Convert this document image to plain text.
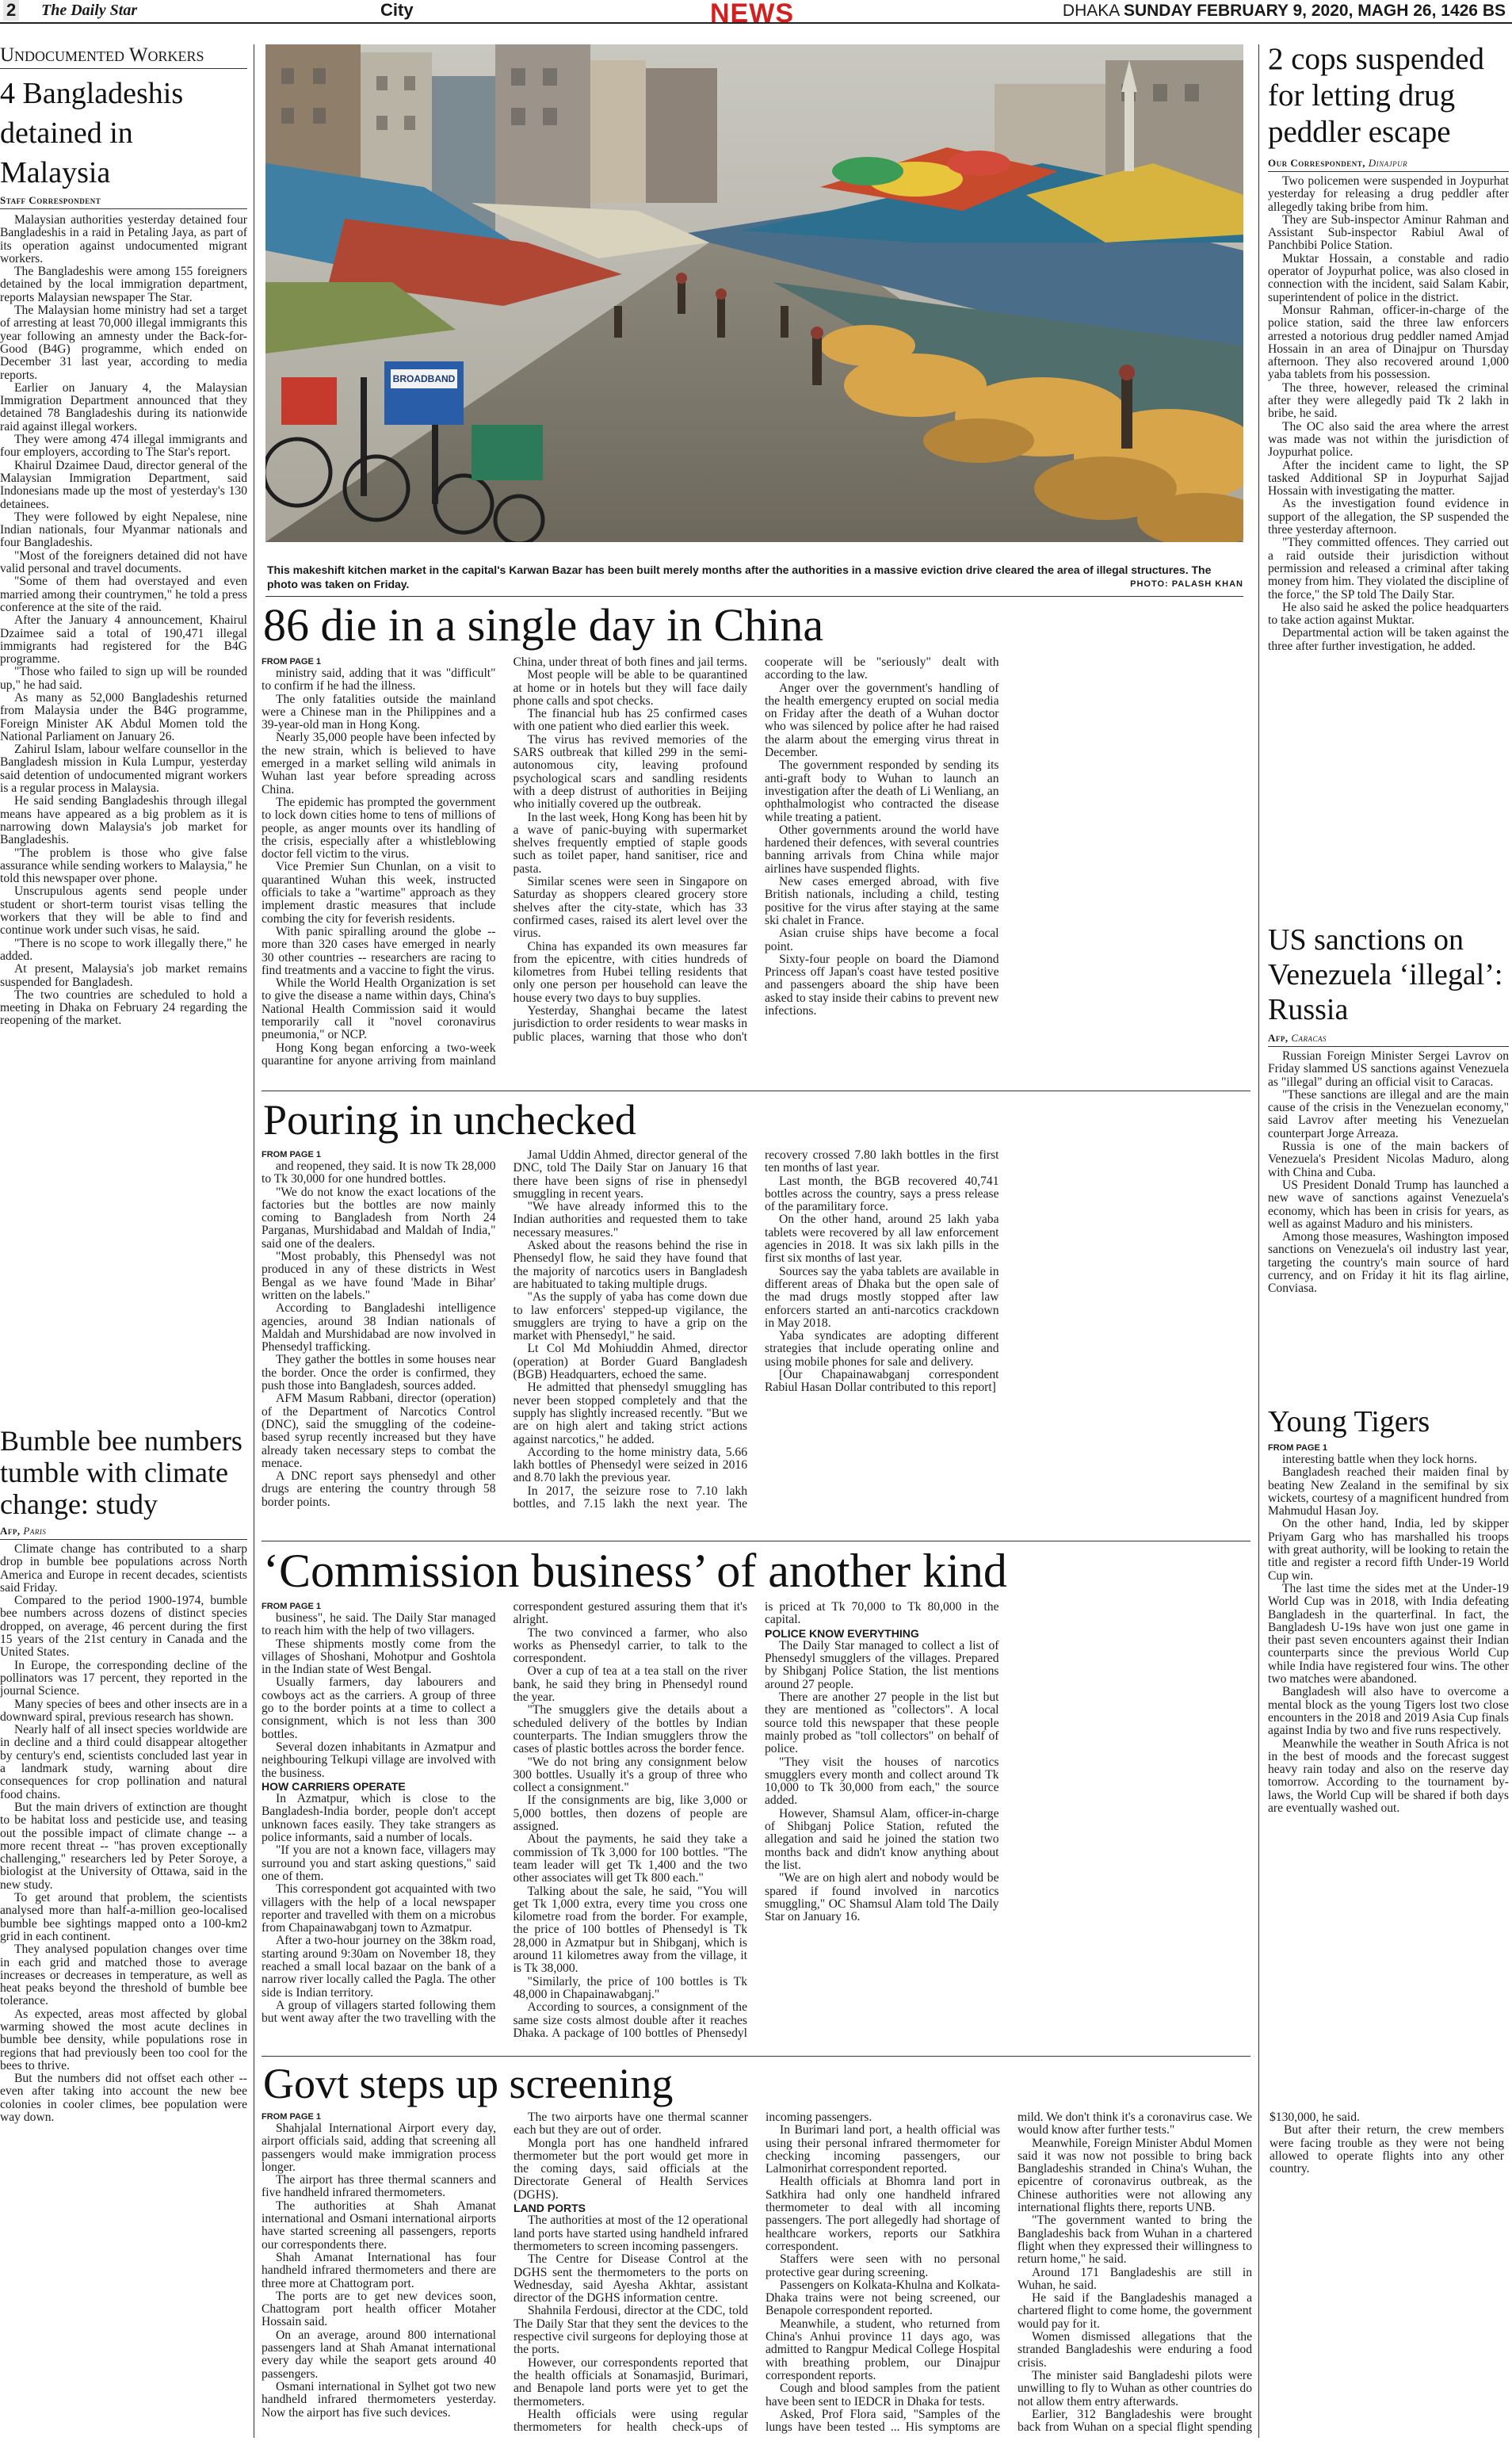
2 The Daily Star	City	NEWS	DHAKA SUNDAY FEBRUARY 9, 2020, MAGH 26, 1426 BS
Undocumented Workers
4 Bangladeshis detained in Malaysia
Staff Correspondent

Malaysian authorities yesterday detained four Bangladeshis in a raid in Petaling Jaya, as part of its operation against undocumented migrant workers.

The Bangladeshis were among 155 foreigners detained by the local immigration department, reports Malaysian newspaper The Star.

The Malaysian home ministry had set a target of arresting at least 70,000 illegal immigrants this year following an amnesty under the Back-for-Good (B4G) programme, which ended on December 31 last year, according to media reports.

Earlier on January 4, the Malaysian Immigration Department announced that they detained 78 Bangladeshis during its nationwide raid against illegal workers.

They were among 474 illegal immigrants and four employers, according to The Star's report.

Khairul Dzaimee Daud, director general of the Malaysian Immigration Department, said Indonesians made up the most of yesterday's 130 detainees.

They were followed by eight Nepalese, nine Indian nationals, four Myanmar nationals and four Bangladeshis.

"Most of the foreigners detained did not have valid personal and travel documents.

"Some of them had overstayed and even married among their countrymen," he told a press conference at the site of the raid.

After the January 4 announcement, Khairul Dzaimee said a total of 190,471 illegal immigrants had registered for the B4G programme.

"Those who failed to sign up will be rounded up," he had said.

As many as 52,000 Bangladeshis returned from Malaysia under the B4G programme, Foreign Minister AK Abdul Momen told the National Parliament on January 26.

Zahirul Islam, labour welfare counsellor in the Bangladesh mission in Kula Lumpur, yesterday said detention of undocumented migrant workers is a regular process in Malaysia.

He said sending Bangladeshis through illegal means have appeared as a big problem as it is narrowing down Malaysia's job market for Bangladeshis.

"The problem is those who give false assurance while sending workers to Malaysia," he told this newspaper over phone.

Unscrupulous agents send people under student or short-term tourist visas telling the workers that they will be able to find and continue work under such visas, he said.

"There is no scope to work illegally there," he added.

At present, Malaysia's job market remains suspended for Bangladesh.

The two countries are scheduled to hold a meeting in Dhaka on February 24 regarding the reopening of the market.

Bumble bee numbers tumble with climate change: study
Afp, Paris

Climate change has contributed to a sharp drop in bumble bee populations across North America and Europe in recent decades, scientists said Friday.

Compared to the period 1900-1974, bumble bee numbers across dozens of distinct species dropped, on average, 46 percent during the first 15 years of the 21st century in Canada and the United States.

In Europe, the corresponding decline of the pollinators was 17 percent, they reported in the journal Science.

Many species of bees and other insects are in a downward spiral, previous research has shown.

Nearly half of all insect species worldwide are in decline and a third could disappear altogether by century's end, scientists concluded last year in a landmark study, warning about dire consequences for crop pollination and natural food chains.

But the main drivers of extinction are thought to be habitat loss and pesticide use, and teasing out the possible impact of climate change -- a more recent threat -- "has proven exceptionally challenging," researchers led by Peter Soroye, a biologist at the University of Ottawa, said in the new study.

To get around that problem, the scientists analysed more than half-a-million geo-localised bumble bee sightings mapped onto a 100-km2 grid in each continent.

They analysed population changes over time in each grid and matched those to average increases or decreases in temperature, as well as heat peaks beyond the threshold of bumble bee tolerance.

As expected, areas most affected by global warming showed the most acute declines in bumble bee density, while populations rose in regions that had previously been too cool for the bees to thrive.

But the numbers did not offset each other -- even after taking into account the new bee colonies in cooler climes, bee population were way down.

BROADBAND
This makeshift kitchen market in the capital's Karwan Bazar has been built merely months after the authorities in a massive eviction drive cleared the area of illegal structures. The photo was taken on Friday.	PHOTO: PALASH KHAN
86 die in a single day in China
FROM PAGE 1

ministry said, adding that it was "difficult" to confirm if he had the illness.

The only fatalities outside the mainland were a Chinese man in the Philippines and a 39-year-old man in Hong Kong.

Nearly 35,000 people have been infected by the new strain, which is believed to have emerged in a market selling wild animals in Wuhan last year before spreading across China.

The epidemic has prompted the government to lock down cities home to tens of millions of people, as anger mounts over its handling of the crisis, especially after a whistleblowing doctor fell victim to the virus.

Vice Premier Sun Chunlan, on a visit to quarantined Wuhan this week, instructed officials to take a "wartime" approach as they implement drastic measures that include combing the city for feverish residents.

With panic spiralling around the globe -- more than 320 cases have emerged in nearly 30 other countries -- researchers are racing to find treatments and a vaccine to fight the virus.

While the World Health Organization is set to give the disease a name within days, China's National Health Commission said it would temporarily call it "novel coronavirus pneumonia," or NCP.

Hong Kong began enforcing a two-week quarantine for anyone arriving from mainland China, under threat of both fines and jail terms.

Most people will be able to be quarantined at home or in hotels but they will face daily phone calls and spot checks.

The financial hub has 25 confirmed cases with one patient who died earlier this week.

The virus has revived memories of the SARS outbreak that killed 299 in the semi-autonomous city, leaving profound psychological scars and sandling residents with a deep distrust of authorities in Beijing who initially covered up the outbreak.

In the last week, Hong Kong has been hit by a wave of panic-buying with supermarket shelves frequently emptied of staple goods such as toilet paper, hand sanitiser, rice and pasta.

Similar scenes were seen in Singapore on Saturday as shoppers cleared grocery store shelves after the city-state, which has 33 confirmed cases, raised its alert level over the virus.

China has expanded its own measures far from the epicentre, with cities hundreds of kilometres from Hubei telling residents that only one person per household can leave the house every two days to buy supplies.

Yesterday, Shanghai became the latest jurisdiction to order residents to wear masks in public places, warning that those who don't cooperate will be "seriously" dealt with according to the law.

Anger over the government's handling of the health emergency erupted on social media on Friday after the death of a Wuhan doctor who was silenced by police after he had raised the alarm about the emerging virus threat in December.

The government responded by sending its anti-graft body to Wuhan to launch an investigation after the death of Li Wenliang, an ophthalmologist who contracted the disease while treating a patient.

Other governments around the world have hardened their defences, with several countries banning arrivals from China while major airlines have suspended flights.

New cases emerged abroad, with five British nationals, including a child, testing positive for the virus after staying at the same ski chalet in France.

Asian cruise ships have become a focal point.

Sixty-four people on board the Diamond Princess off Japan's coast have tested positive and passengers aboard the ship have been asked to stay inside their cabins to prevent new infections.

Pouring in unchecked
FROM PAGE 1

and reopened, they said. It is now Tk 28,000 to Tk 30,000 for one hundred bottles.

"We do not know the exact locations of the factories but the bottles are now mainly coming to Bangladesh from North 24 Parganas, Murshidabad and Maldah of India," said one of the dealers.

"Most probably, this Phensedyl was not produced in any of these districts in West Bengal as we have found 'Made in Bihar' written on the labels."

According to Bangladeshi intelligence agencies, around 38 Indian nationals of Maldah and Murshidabad are now involved in Phensedyl trafficking.

They gather the bottles in some houses near the border. Once the order is confirmed, they push those into Bangladesh, sources added.

AFM Masum Rabbani, director (operation) of the Department of Narcotics Control (DNC), said the smuggling of the codeine-based syrup recently increased but they have already taken necessary steps to combat the menace.

A DNC report says phensedyl and other drugs are entering the country through 58 border points.

Jamal Uddin Ahmed, director general of the DNC, told The Daily Star on January 16 that there have been signs of rise in phensedyl smuggling in recent years.

"We have already informed this to the Indian authorities and requested them to take necessary measures."

Asked about the reasons behind the rise in Phensedyl flow, he said they have found that the majority of narcotics users in Bangladesh are habituated to taking multiple drugs.

"As the supply of yaba has come down due to law enforcers' stepped-up vigilance, the smugglers are trying to have a grip on the market with Phensedyl," he said.

Lt Col Md Mohiuddin Ahmed, director (operation) at Border Guard Bangladesh (BGB) Headquarters, echoed the same.

He admitted that phensedyl smuggling has never been stopped completely and that the supply has slightly increased recently. "But we are on high alert and taking strict actions against narcotics," he added.

According to the home ministry data, 5.66 lakh bottles of Phensedyl were seized in 2016 and 8.70 lakh the previous year.

In 2017, the seizure rose to 7.10 lakh bottles, and 7.15 lakh the next year. The recovery crossed 7.80 lakh bottles in the first ten months of last year.

Last month, the BGB recovered 40,741 bottles across the country, says a press release of the paramilitary force.

On the other hand, around 25 lakh yaba tablets were recovered by all law enforcement agencies in 2018. It was six lakh pills in the first six months of last year.

Sources say the yaba tablets are available in different areas of Dhaka but the open sale of the mad drugs mostly stopped after law enforcers started an anti-narcotics crackdown in May 2018.

Yaba syndicates are adopting different strategies that include operating online and using mobile phones for sale and delivery.

[Our Chapainawabganj correspondent Rabiul Hasan Dollar contributed to this report]

‘Commission business’ of another kind
FROM PAGE 1

business", he said. The Daily Star managed to reach him with the help of two villagers.

These shipments mostly come from the villages of Shoshani, Mohotpur and Goshtola in the Indian state of West Bengal.

Usually farmers, day labourers and cowboys act as the carriers. A group of three go to the border points at a time to collect a consignment, which is not less than 300 bottles.

Several dozen inhabitants in Azmatpur and neighbouring Telkupi village are involved with the business.

HOW CARRIERS OPERATE

In Azmatpur, which is close to the Bangladesh-India border, people don't accept unknown faces easily. They take strangers as police informants, said a number of locals.

"If you are not a known face, villagers may surround you and start asking questions," said one of them.

This correspondent got acquainted with two villagers with the help of a local newspaper reporter and travelled with them on a microbus from Chapainawabganj town to Azmatpur.

After a two-hour journey on the 38km road, starting around 9:30am on November 18, they reached a small local bazaar on the bank of a narrow river locally called the Pagla. The other side is Indian territory.

A group of villagers started following them but went away after the two travelling with the correspondent gestured assuring them that it's alright.

The two convinced a farmer, who also works as Phensedyl carrier, to talk to the correspondent.

Over a cup of tea at a tea stall on the river bank, he said they bring in Phensedyl round the year.

"The smugglers give the details about a scheduled delivery of the bottles by Indian counterparts. The Indian smugglers throw the cases of plastic bottles across the border fence.

"We do not bring any consignment below 300 bottles. Usually it's a group of three who collect a consignment."

If the consignments are big, like 3,000 or 5,000 bottles, then dozens of people are assigned.

About the payments, he said they take a commission of Tk 3,000 for 100 bottles. "The team leader will get Tk 1,400 and the two other associates will get Tk 800 each."

Talking about the sale, he said, "You will get Tk 1,000 extra, every time you cross one kilometre road from the border. For example, the price of 100 bottles of Phensedyl is Tk 28,000 in Azmatpur but in Shibganj, which is around 11 kilometres away from the village, it is Tk 38,000.

"Similarly, the price of 100 bottles is Tk 48,000 in Chapainawabganj."

According to sources, a consignment of the same size costs almost double after it reaches Dhaka. A package of 100 bottles of Phensedyl is priced at Tk 70,000 to Tk 80,000 in the capital.

POLICE KNOW EVERYTHING

The Daily Star managed to collect a list of Phensedyl smugglers of the villages. Prepared by Shibganj Police Station, the list mentions around 27 people.

There are another 27 people in the list but they are mentioned as "collectors". A local source told this newspaper that these people mainly probed as "toll collectors" on behalf of police.

"They visit the houses of narcotics smugglers every month and collect around Tk 10,000 to Tk 30,000 from each," the source added.

However, Shamsul Alam, officer-in-charge of Shibganj Police Station, refuted the allegation and said he joined the station two months back and didn't know anything about the list.

"We are on high alert and nobody would be spared if found involved in narcotics smuggling," OC Shamsul Alam told The Daily Star on January 16.

Govt steps up screening
FROM PAGE 1

Shahjalal International Airport every day, airport officials said, adding that screening all passengers would make immigration process longer.

The airport has three thermal scanners and five handheld infrared thermometers.

The authorities at Shah Amanat international and Osmani international airports have started screening all passengers, reports our correspondents there.

Shah Amanat International has four handheld infrared thermometers and there are three more at Chattogram port.

The ports are to get new devices soon, Chattogram port health officer Motaher Hossain said.

On an average, around 800 international passengers land at Shah Amanat international every day while the seaport gets around 40 passengers.

Osmani international in Sylhet got two new handheld infrared thermometers yesterday. Now the airport has five such devices.

The two airports have one thermal scanner each but they are out of order.

Mongla port has one handheld infrared thermometer but the port would get more in the coming days, said officials at the Directorate General of Health Services (DGHS).

LAND PORTS

The authorities at most of the 12 operational land ports have started using handheld infrared thermometers to screen incoming passengers.

The Centre for Disease Control at the DGHS sent the thermometers to the ports on Wednesday, said Ayesha Akhtar, assistant director of the DGHS information centre.

Shahnila Ferdousi, director at the CDC, told The Daily Star that they sent the devices to the respective civil surgeons for deploying those at the ports.

However, our correspondents reported that the health officials at Sonamasjid, Burimari, and Benapole land ports were yet to get the thermometers.

Health officials were using regular thermometers for health check-ups of incoming passengers.

In Burimari land port, a health official was using their personal infrared thermometer for checking incoming passengers, our Lalmonirhat correspondent reported.

Health officials at Bhomra land port in Satkhira had only one handheld infrared thermometer to deal with all incoming passengers. The port allegedly had shortage of healthcare workers, reports our Satkhira correspondent.

Staffers were seen with no personal protective gear during screening.

Passengers on Kolkata-Khulna and Kolkata-Dhaka trains were not being screened, our Benapole correspondent reported.

Meanwhile, a student, who returned from China's Anhui province 11 days ago, was admitted to Rangpur Medical College Hospital with breathing problem, our Dinajpur correspondent reports.

Cough and blood samples from the patient have been sent to IEDCR in Dhaka for tests.

Asked, Prof Flora said, "Samples of the lungs have been tested ... His symptoms are mild. We don't think it's a coronavirus case. We would know after further tests."

Meanwhile, Foreign Minister Abdul Momen said it was now not possible to bring back Bangladeshis stranded in China's Wuhan, the epicentre of coronavirus outbreak, as the Chinese authorities were not allowing any international flights there, reports UNB.

"The government wanted to bring the Bangladeshis back from Wuhan in a chartered flight when they expressed their willingness to return home," he said.

Around 171 Bangladeshis are still in Wuhan, he said.

He said if the Bangladeshis managed a chartered flight to come home, the government would pay for it.

Women dismissed allegations that the stranded Bangladeshis were enduring a food crisis.

The minister said Bangladeshi pilots were unwilling to fly to Wuhan as other countries do not allow them entry afterwards.

Earlier, 312 Bangladeshis were brought back from Wuhan on a special flight spending $130,000, he said.

But after their return, the crew members were facing trouble as they were not being allowed to operate flights into any other country.

2 cops suspended for letting drug peddler escape
Our Correspondent, Dinajpur

Two policemen were suspended in Joypurhat yesterday for releasing a drug peddler after allegedly taking bribe from him.

They are Sub-inspector Aminur Rahman and Assistant Sub-inspector Rabiul Awal of Panchbibi Police Station.

Muktar Hossain, a constable and radio operator of Joypurhat police, was also closed in connection with the incident, said Salam Kabir, superintendent of police in the district.

Monsur Rahman, officer-in-charge of the police station, said the three law enforcers arrested a notorious drug peddler named Amjad Hossain in an area of Dinajpur on Thursday afternoon. They also recovered around 1,000 yaba tablets from his possession.

The three, however, released the criminal after they were allegedly paid Tk 2 lakh in bribe, he said.

The OC also said the area where the arrest was made was not within the jurisdiction of Joypurhat police.

After the incident came to light, the SP tasked Additional SP in Joypurhat Sajjad Hossain with investigating the matter.

As the investigation found evidence in support of the allegation, the SP suspended the three yesterday afternoon.

"They committed offences. They carried out a raid outside their jurisdiction without permission and released a criminal after taking money from him. They violated the discipline of the force," the SP told The Daily Star.

He also said he asked the police headquarters to take action against Muktar.

Departmental action will be taken against the three after further investigation, he added.

US sanctions on Venezuela ‘illegal’: Russia
Afp, Caracas

Russian Foreign Minister Sergei Lavrov on Friday slammed US sanctions against Venezuela as "illegal" during an official visit to Caracas.

"These sanctions are illegal and are the main cause of the crisis in the Venezuelan economy," said Lavrov after meeting his Venezuelan counterpart Jorge Arreaza.

Russia is one of the main backers of Venezuela's President Nicolas Maduro, along with China and Cuba.

US President Donald Trump has launched a new wave of sanctions against Venezuela's economy, which has been in crisis for years, as well as against Maduro and his ministers.

Among those measures, Washington imposed sanctions on Venezuela's oil industry last year, targeting the country's main source of hard currency, and on Friday it hit its flag airline, Conviasa.

Young Tigers
FROM PAGE 1

interesting battle when they lock horns.

Bangladesh reached their maiden final by beating New Zealand in the semifinal by six wickets, courtesy of a magnificent hundred from Mahmudul Hasan Joy.

On the other hand, India, led by skipper Priyam Garg who has marshalled his troops with great authority, will be looking to retain the title and register a record fifth Under-19 World Cup win.

The last time the sides met at the Under-19 World Cup was in 2018, with India defeating Bangladesh in the quarterfinal. In fact, the Bangladesh U-19s have won just one game in their past seven encounters against their Indian counterparts since the previous World Cup while India have registered four wins. The other two matches were abandoned.

Bangladesh will also have to overcome a mental block as the young Tigers lost two close encounters in the 2018 and 2019 Asia Cup finals against India by two and five runs respectively.

Meanwhile the weather in South Africa is not in the best of moods and the forecast suggest heavy rain today and also on the reserve day tomorrow. According to the tournament by-laws, the World Cup will be shared if both days are eventually washed out.
